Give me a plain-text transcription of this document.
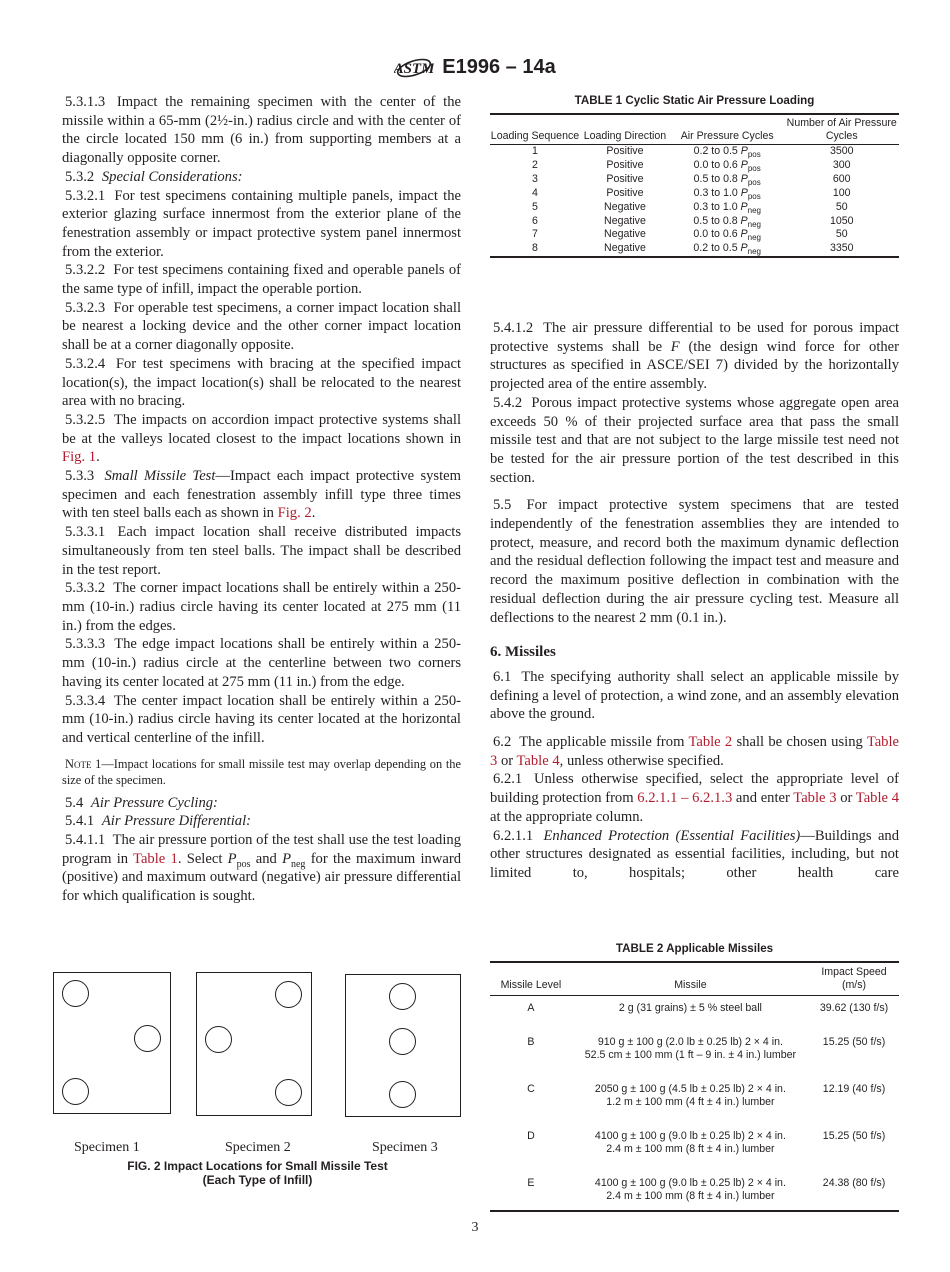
ASTM E1996 – 14a

5.3.1.3 Impact the remaining specimen with the center of the missile within a 65-mm (2½-in.) radius circle and with the center of the circle located 150 mm (6 in.) from supporting members at a diagonally opposite corner.

5.3.2 Special Considerations:

5.3.2.1 For test specimens containing multiple panels, impact the exterior glazing surface innermost from the exterior plane of the fenestration assembly or impact protective system panel innermost from the exterior.

5.3.2.2 For test specimens containing fixed and operable panels of the same type of infill, impact the operable portion.

5.3.2.3 For operable test specimens, a corner impact location shall be nearest a locking device and the other corner impact location shall be at a corner diagonally opposite.

5.3.2.4 For test specimens with bracing at the specified impact location(s), the impact location(s) shall be relocated to the nearest area with no bracing.

5.3.2.5 The impacts on accordion impact protective systems shall be at the valleys located closest to the impact locations shown in Fig. 1.

5.3.3 Small Missile Test—Impact each impact protective system specimen and each fenestration assembly infill type three times with ten steel balls each as shown in Fig. 2.

5.3.3.1 Each impact location shall receive distributed impacts simultaneously from ten steel balls. The impact shall be described in the test report.

5.3.3.2 The corner impact locations shall be entirely within a 250-mm (10-in.) radius circle having its center located at 275 mm (11 in.) from the edges.

5.3.3.3 The edge impact locations shall be entirely within a 250-mm (10-in.) radius circle at the centerline between two corners having its center located at 275 mm (11 in.) from the edge.

5.3.3.4 The center impact location shall be entirely within a 250-mm (10-in.) radius circle having its center located at the horizontal and vertical centerline of the infill.

Note 1—Impact locations for small missile test may overlap depending on the size of the specimen.

5.4 Air Pressure Cycling:

5.4.1 Air Pressure Differential:

5.4.1.1 The air pressure portion of the test shall use the test loading program in Table 1. Select $P_{pos}$ and $P_{neg}$ for the maximum inward (positive) and maximum outward (negative) air pressure differential for which qualification is sought.

TABLE 1 Cyclic Static Air Pressure Loading
Loading Sequence	Loading Direction	Air Pressure Cycles	Number of Air Pressure Cycles
1	Positive	0.2 to 0.5 $P_{pos}$	3500
2	Positive	0.0 to 0.6 $P_{pos}$	300
3	Positive	0.5 to 0.8 $P_{pos}$	600
4	Positive	0.3 to 1.0 $P_{pos}$	100
5	Negative	0.3 to 1.0 $P_{neg}$	50
6	Negative	0.5 to 0.8 $P_{neg}$	1050
7	Negative	0.0 to 0.6 $P_{neg}$	50
8	Negative	0.2 to 0.5 $P_{neg}$	3350

5.4.1.2 The air pressure differential to be used for porous impact protective systems shall be F (the design wind force for other structures as specified in ASCE/SEI 7) divided by the horizontally projected area of the entire assembly.

5.4.2 Porous impact protective systems whose aggregate open area exceeds 50 % of their projected surface area that pass the small missile test and that are not subject to the large missile test need not be tested for the air pressure portion of the test described in this section.

5.5 For impact protective system specimens that are tested independently of the fenestration assemblies they are intended to protect, measure, and record both the maximum dynamic deflection and the residual deflection following the impact test and measure and record the maximum positive deflection in combination with the residual deflection during the air pressure cycling test. Measure all deflections to the nearest 2 mm (0.1 in.).

6. Missiles

6.1 The specifying authority shall select an applicable missile by defining a level of protection, a wind zone, and an assembly elevation above the ground.

6.2 The applicable missile from Table 2 shall be chosen using Table 3 or Table 4, unless otherwise specified.

6.2.1 Unless otherwise specified, select the appropriate level of building protection from 6.2.1.1 – 6.2.1.3 and enter Table 3 or Table 4 at the appropriate column.

6.2.1.1 Enhanced Protection (Essential Facilities)—Buildings and other structures designated as essential facilities, including, but not limited to, hospitals; other health care

TABLE 2 Applicable Missiles
Missile Level	Missile	Impact Speed (m/s)
A	2 g (31 grains) ± 5 % steel ball	39.62 (130 f/s)
B	910 g ± 100 g (2.0 lb ± 0.25 lb) 2 × 4 in.
52.5 cm ± 100 mm (1 ft – 9 in. ± 4 in.) lumber	15.25 (50 f/s)
C	2050 g ± 100 g (4.5 lb ± 0.25 lb) 2 × 4 in.
1.2 m ± 100 mm (4 ft ± 4 in.) lumber	12.19 (40 f/s)
D	4100 g ± 100 g (9.0 lb ± 0.25 lb) 2 × 4 in.
2.4 m ± 100 mm (8 ft ± 4 in.) lumber	15.25 (50 f/s)
E	4100 g ± 100 g (9.0 lb ± 0.25 lb) 2 × 4 in.
2.4 m ± 100 mm (8 ft ± 4 in.) lumber	24.38 (80 f/s)
Specimen 1	Specimen 2	Specimen 3
FIG. 2 Impact Locations for Small Missile Test
(Each Type of Infill)
3
